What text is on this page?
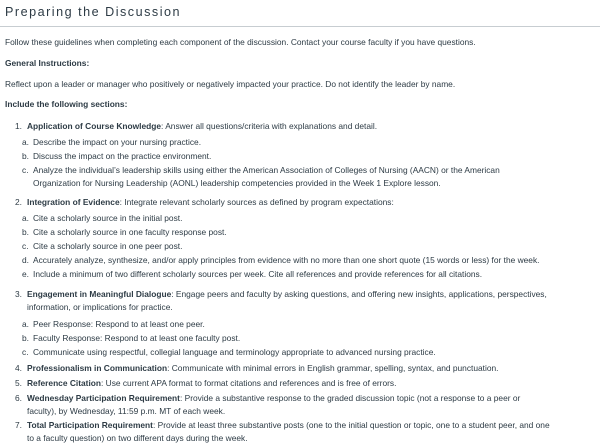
Preparing the Discussion
Follow these guidelines when completing each component of the discussion. Contact your course faculty if you have questions.
General Instructions:
Reflect upon a leader or manager who positively or negatively impacted your practice. Do not identify the leader by name.
Include the following sections:
1. Application of Course Knowledge: Answer all questions/criteria with explanations and detail.
a. Describe the impact on your nursing practice.
b. Discuss the impact on the practice environment.
c. Analyze the individual’s leadership skills using either the American Association of Colleges of Nursing (AACN) or the American
Organization for Nursing Leadership (AONL) leadership competencies provided in the Week 1 Explore lesson.
2. Integration of Evidence: Integrate relevant scholarly sources as defined by program expectations:
a. Cite a scholarly source in the initial post.
b. Cite a scholarly source in one faculty response post.
c. Cite a scholarly source in one peer post.
d. Accurately analyze, synthesize, and/or apply principles from evidence with no more than one short quote (15 words or less) for the week.
e. Include a minimum of two different scholarly sources per week. Cite all references and provide references for all citations.
3. Engagement in Meaningful Dialogue: Engage peers and faculty by asking questions, and offering new insights, applications, perspectives,
information, or implications for practice.
a. Peer Response: Respond to at least one peer.
b. Faculty Response: Respond to at least one faculty post.
c. Communicate using respectful, collegial language and terminology appropriate to advanced nursing practice.
4. Professionalism in Communication: Communicate with minimal errors in English grammar, spelling, syntax, and punctuation.
5. Reference Citation: Use current APA format to format citations and references and is free of errors.
6. Wednesday Participation Requirement: Provide a substantive response to the graded discussion topic (not a response to a peer or
faculty), by Wednesday, 11:59 p.m. MT of each week.
7. Total Participation Requirement: Provide at least three substantive posts (one to the initial question or topic, one to a student peer, and one
to a faculty question) on two different days during the week.
